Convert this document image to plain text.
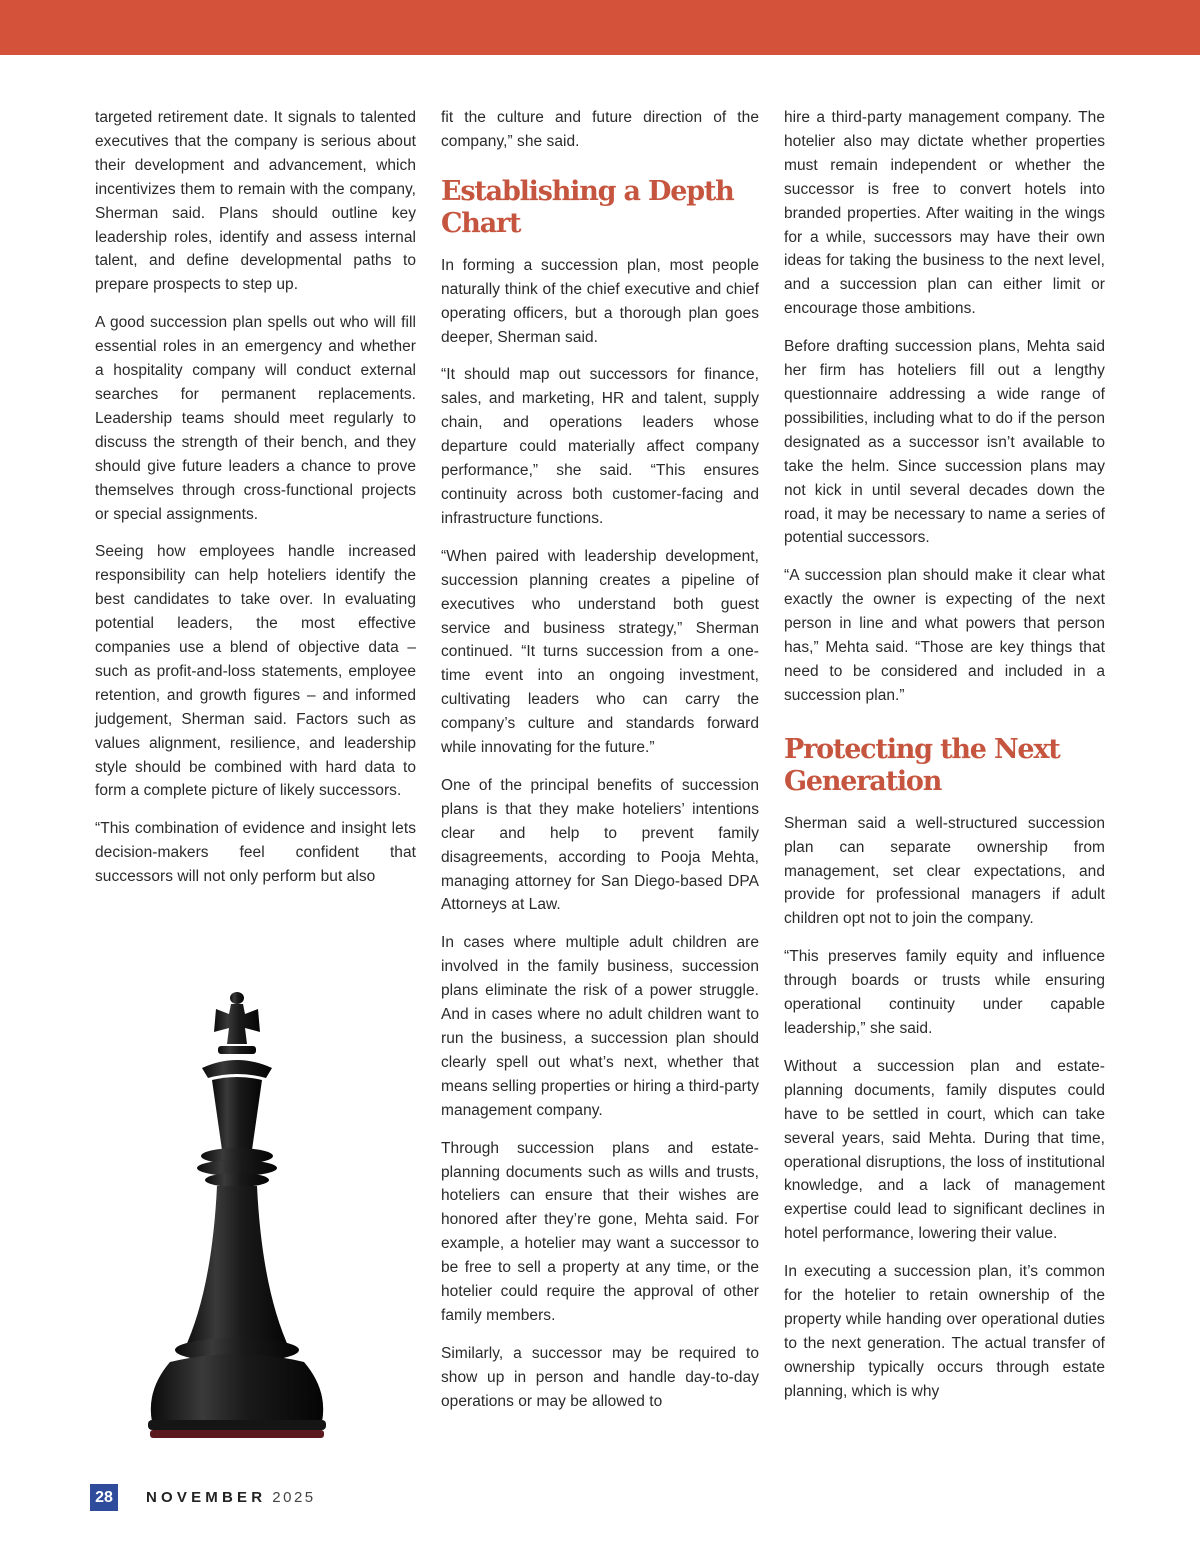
targeted retirement date. It signals to talented executives that the company is serious about their development and advancement, which incentivizes them to remain with the company, Sherman said. Plans should outline key leadership roles, identify and assess internal talent, and define developmental paths to prepare prospects to step up.

A good succession plan spells out who will fill essential roles in an emergency and whether a hospitality company will conduct external searches for permanent replacements. Leadership teams should meet regularly to discuss the strength of their bench, and they should give future leaders a chance to prove themselves through cross-functional projects or special assignments.

Seeing how employees handle increased responsibility can help hoteliers identify the best candidates to take over. In evaluating potential leaders, the most effective companies use a blend of objective data – such as profit-and-loss statements, employee retention, and growth figures – and informed judgement, Sherman said. Factors such as values alignment, resilience, and leadership style should be combined with hard data to form a complete picture of likely successors.

“This combination of evidence and insight lets decision-makers feel confident that successors will not only perform but also

fit the culture and future direction of the company,” she said.

Establishing a Depth Chart

In forming a succession plan, most people naturally think of the chief executive and chief operating officers, but a thorough plan goes deeper, Sherman said.

“It should map out successors for finance, sales, and marketing, HR and talent, supply chain, and operations leaders whose departure could materially affect company performance,” she said. “This ensures continuity across both customer-facing and infrastructure functions.

“When paired with leadership development, succession planning creates a pipeline of executives who understand both guest service and business strategy,” Sherman continued. “It turns succession from a one-time event into an ongoing investment, cultivating leaders who can carry the company’s culture and standards forward while innovating for the future.”

One of the principal benefits of succession plans is that they make hoteliers’ intentions clear and help to prevent family disagreements, according to Pooja Mehta, managing attorney for San Diego-based DPA Attorneys at Law.

In cases where multiple adult children are involved in the family business, succession plans eliminate the risk of a power struggle. And in cases where no adult children want to run the business, a succession plan should clearly spell out what’s next, whether that means selling properties or hiring a third-party management company.

Through succession plans and estate-planning documents such as wills and trusts, hoteliers can ensure that their wishes are honored after they’re gone, Mehta said. For example, a hotelier may want a successor to be free to sell a property at any time, or the hotelier could require the approval of other family members.

Similarly, a successor may be required to show up in person and handle day-to-day operations or may be allowed to

hire a third-party management company. The hotelier also may dictate whether properties must remain independent or whether the successor is free to convert hotels into branded properties. After waiting in the wings for a while, successors may have their own ideas for taking the business to the next level, and a succession plan can either limit or encourage those ambitions.

Before drafting succession plans, Mehta said her firm has hoteliers fill out a lengthy questionnaire addressing a wide range of possibilities, including what to do if the person designated as a successor isn’t available to take the helm. Since succession plans may not kick in until several decades down the road, it may be necessary to name a series of potential successors.

“A succession plan should make it clear what exactly the owner is expecting of the next person in line and what powers that person has,” Mehta said. “Those are key things that need to be considered and included in a succession plan.”

Protecting the Next Generation

Sherman said a well-structured succession plan can separate ownership from management, set clear expectations, and provide for professional managers if adult children opt not to join the company.

“This preserves family equity and influence through boards or trusts while ensuring operational continuity under capable leadership,” she said.

Without a succession plan and estate-planning documents, family disputes could have to be settled in court, which can take several years, said Mehta. During that time, operational disruptions, the loss of institutional knowledge, and a lack of management expertise could lead to significant declines in hotel performance, lowering their value.

In executing a succession plan, it’s common for the hotelier to retain ownership of the property while handing over operational duties to the next generation. The actual transfer of ownership typically occurs through estate planning, which is why

28	NOVEMBER 2025
